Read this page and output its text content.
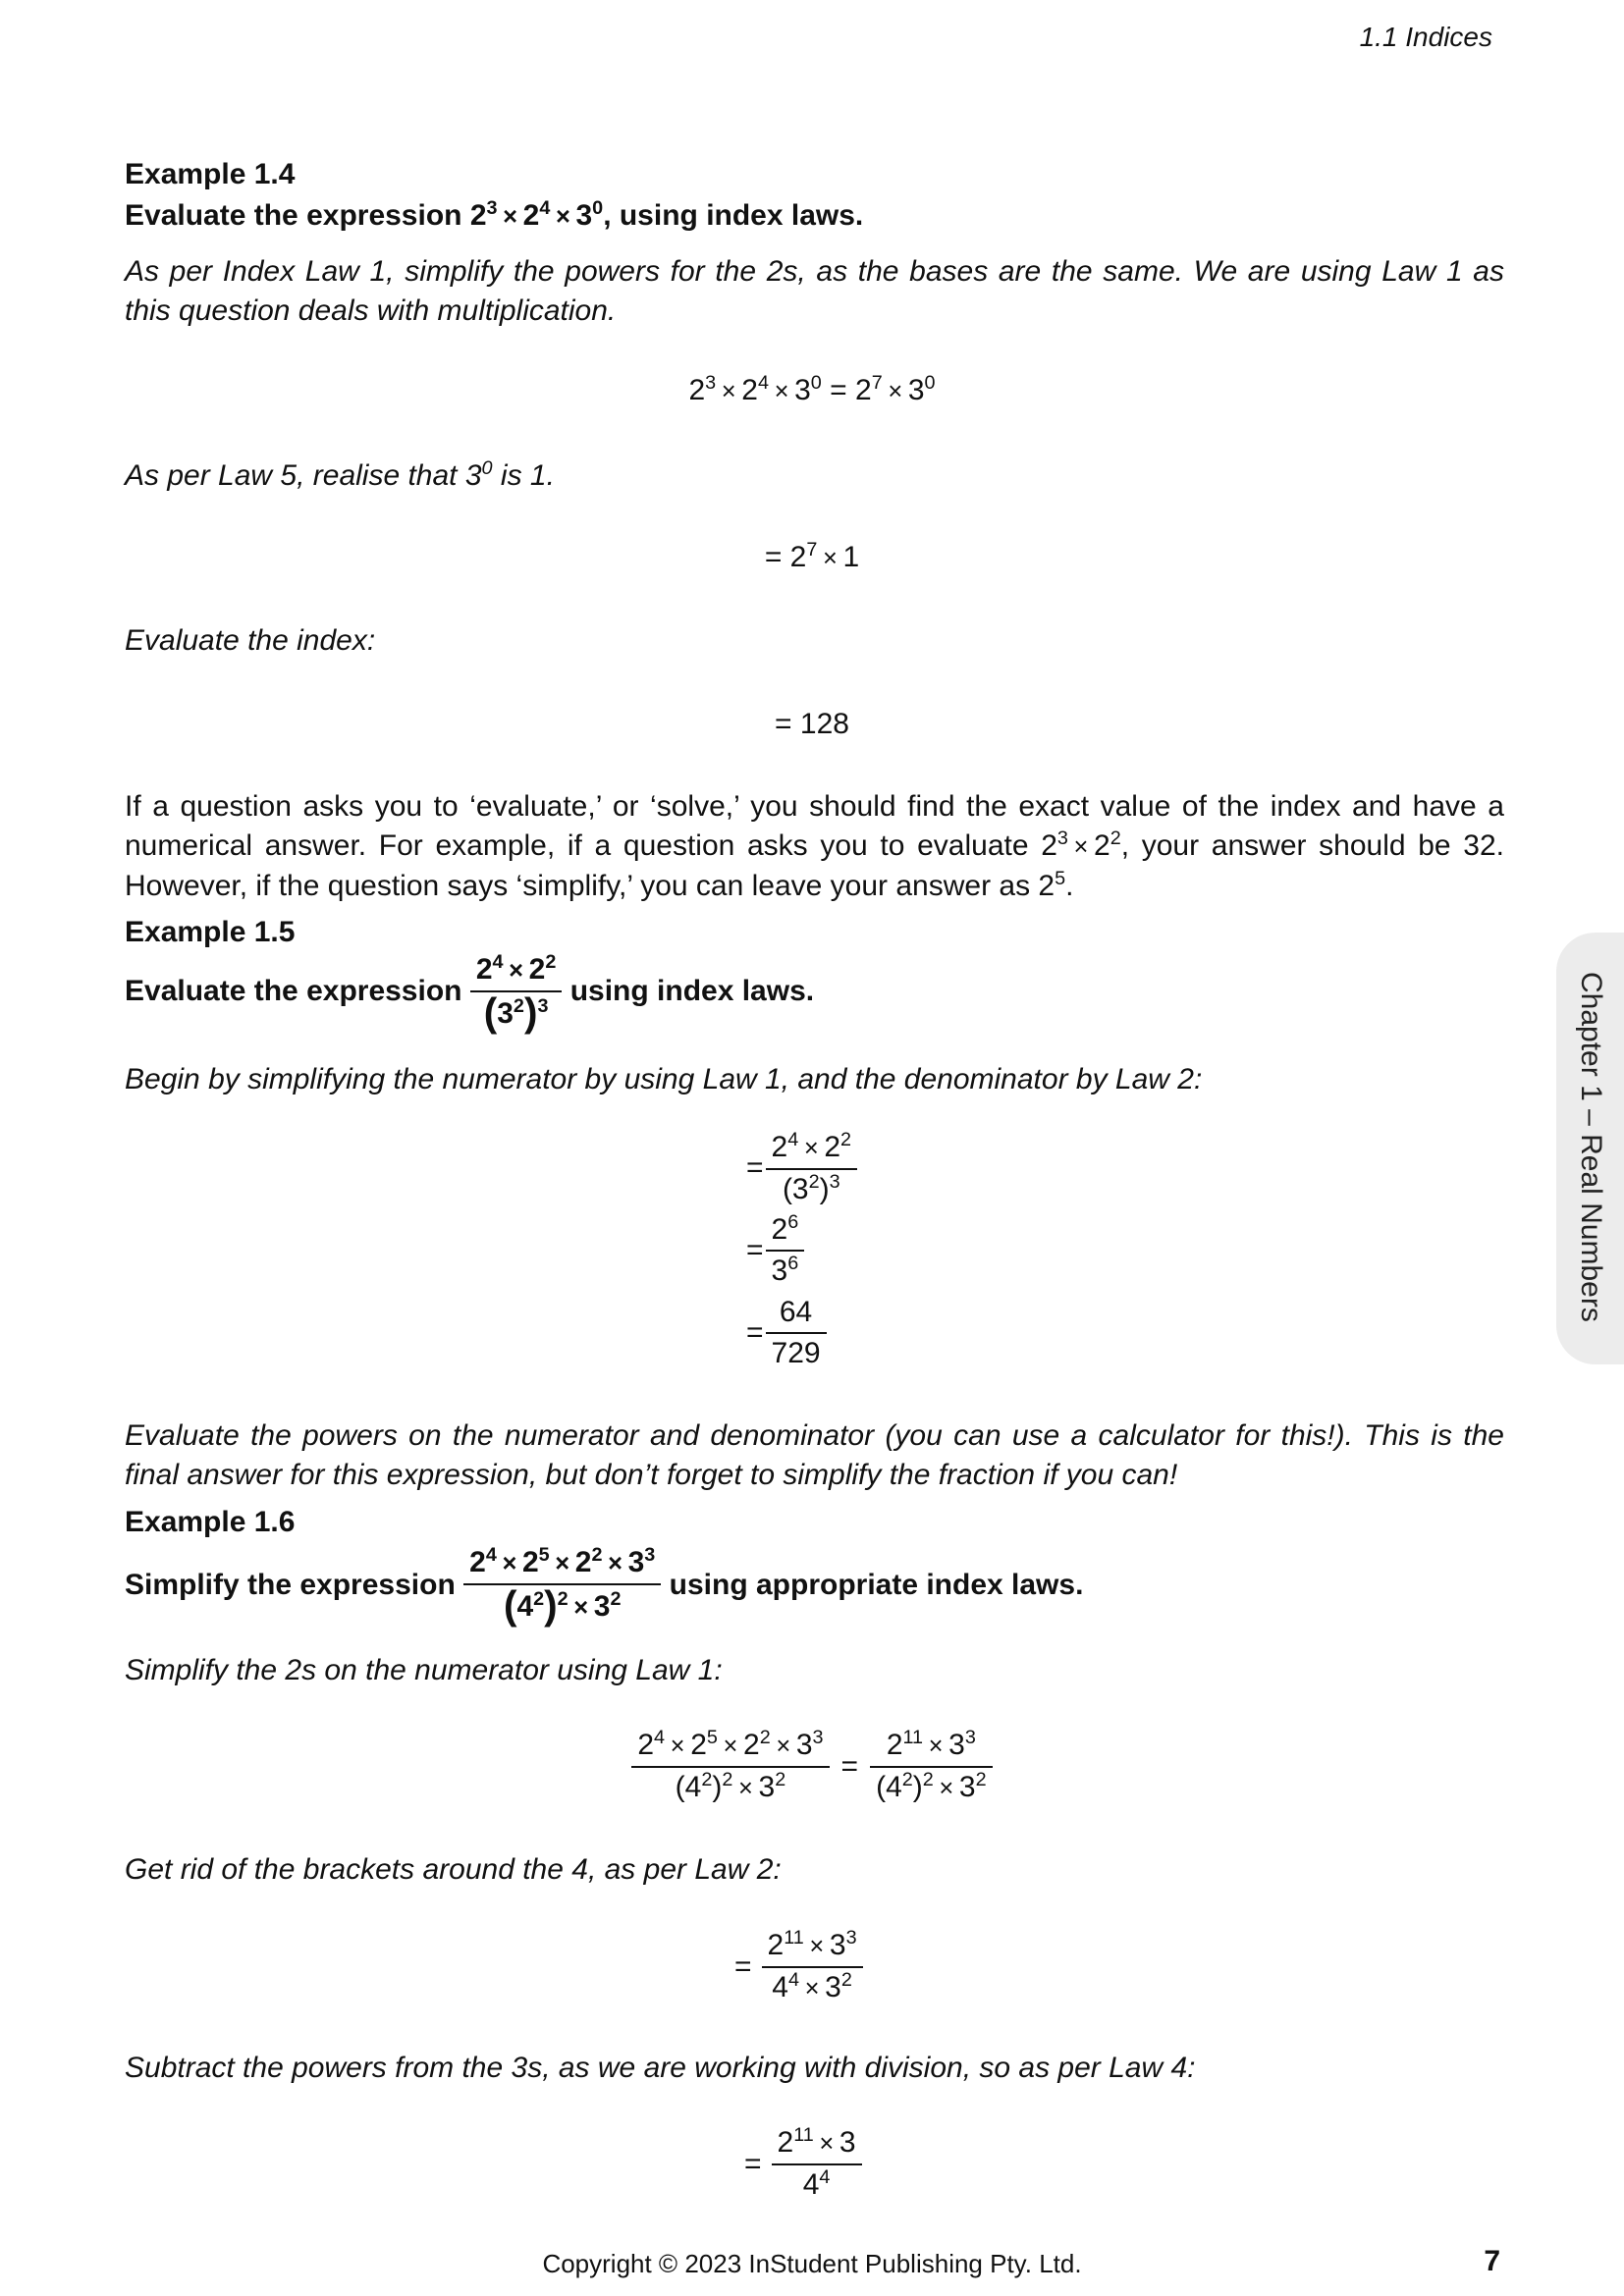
1.1 Indices
Chapter 1 – Real Numbers
Example 1.4
Evaluate the expression $2^3 \times 2^4 \times 3^0$, using index laws.
As per Index Law 1, simplify the powers for the 2s, as the bases are the same. We are using Law 1 as this question deals with multiplication.
$2^3 \times 2^4 \times 3^0 = 2^7 \times 3^0$
As per Law 5, realise that $3^0$ is 1.
= $2^7 \times 1$
Evaluate the index:
= 128
If a question asks you to ‘evaluate,’ or ‘solve,’ you should find the exact value of the index and have a numerical answer. For example, if a question asks you to evaluate $2^3 \times 2^2$, your answer should be 32. However, if the question says ‘simplify,’ you can leave your answer as $2^5$.
Example 1.5
Evaluate the expression
$\frac{2^4 \times 2^2}{(3^2)^3}$
using index laws.
Begin by simplifying the numerator by using Law 1, and the denominator by Law 2:
= $\frac{2^4 \times 2^2}{(3^2)^3}$
= $\frac{2^6}{3^6}$
= $\frac{64}{729}$
Evaluate the powers on the numerator and denominator (you can use a calculator for this!). This is the final answer for this expression, but don’t forget to simplify the fraction if you can!
Example 1.6
Simplify the expression
$\frac{2^4 \times 2^5 \times 2^2 \times 3^3}{(4^2)^2 \times 3^2}$
using appropriate index laws.
Simplify the 2s on the numerator using Law 1:
$\frac{2^4 \times 2^5 \times 2^2 \times 3^3}{(4^2)^2 \times 3^2} = \frac{2^{11} \times 3^3}{(4^2)^2 \times 3^2}$
Get rid of the brackets around the 4, as per Law 2:
= $\frac{2^{11} \times 3^3}{4^4 \times 3^2}$
Subtract the powers from the 3s, as we are working with division, so as per Law 4:
= $\frac{2^{11} \times 3}{4^4}$
Copyright © 2023 InStudent Publishing Pty. Ltd.	7
